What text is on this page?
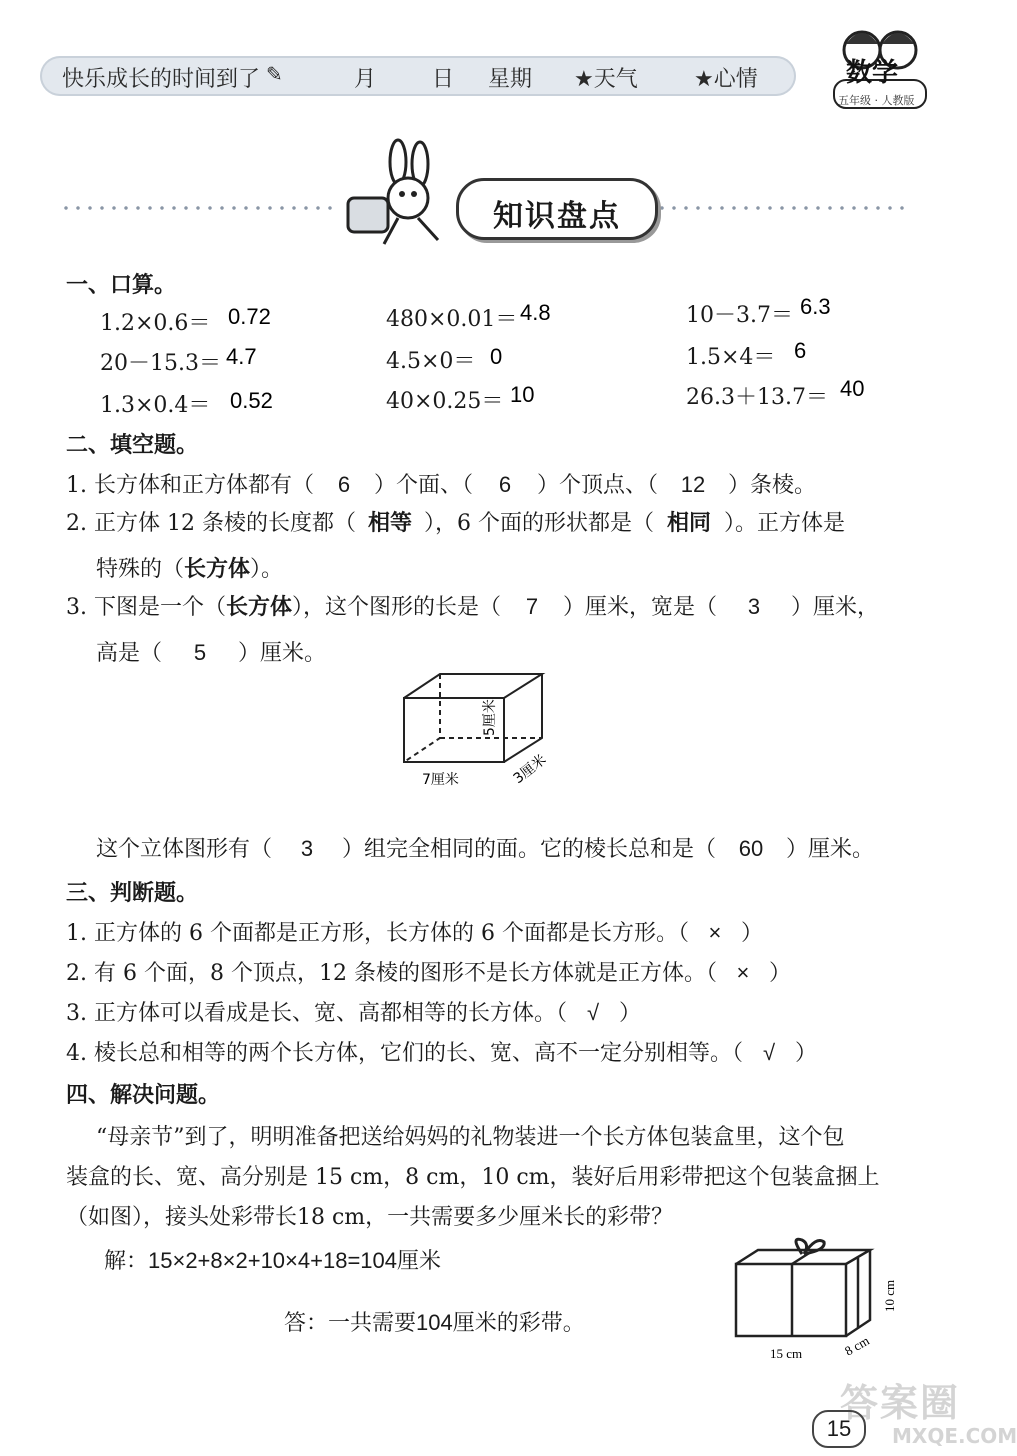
快乐成长的时间到了 ✎	月	日 星期 ★天气	★心情	数学
五年级 · 人教版
知识盘点
一、口算。
1.2×0.6＝ 0.72	480×0.01＝ 4.8	10－3.7＝ 6.3
20－15.3＝ 4.7	4.5×0＝ 0	1.5×4＝ 6
1.3×0.4＝ 0.52	40×0.25＝ 10	26.3＋13.7＝ 40
二、填空题。
1. 长方体和正方体都有（ 6 ）个面、（ 6 ）个顶点、（ 12 ）条棱。
2. 正方体 12 条棱的长度都（ 相等 ），6 个面的形状都是（ 相同 ）。正方体是
特殊的（长方体）。
3. 下图是一个（长方体），这个图形的长是（ 7 ）厘米，宽是（ 3 ）厘米，
高是（ 5 ）厘米。
7厘米
5厘米
3厘米
这个立体图形有（ 3 ）组完全相同的面。它的棱长总和是（ 60 ）厘米。
三、判断题。
1. 正方体的 6 个面都是正方形，长方体的 6 个面都是长方形。（ × ）
2. 有 6 个面，8 个顶点，12 条棱的图形不是长方体就是正方体。（ × ）
3. 正方体可以看成是长、宽、高都相等的长方体。（ √ ）
4. 棱长总和相等的两个长方体，它们的长、宽、高不一定分别相等。（ √ ）
四、解决问题。
“母亲节”到了，明明准备把送给妈妈的礼物装进一个长方体包装盒里，这个包
装盒的长、宽、高分别是 15 cm，8 cm，10 cm，装好后用彩带把这个包装盒捆上
（如图），接头处彩带长18 cm，一共需要多少厘米长的彩带？
解：15×2+8×2+10×4+18=104厘米
答：一共需要104厘米的彩带。
15 cm
10 cm
8 cm
答案圈
MXQE.COM
15
